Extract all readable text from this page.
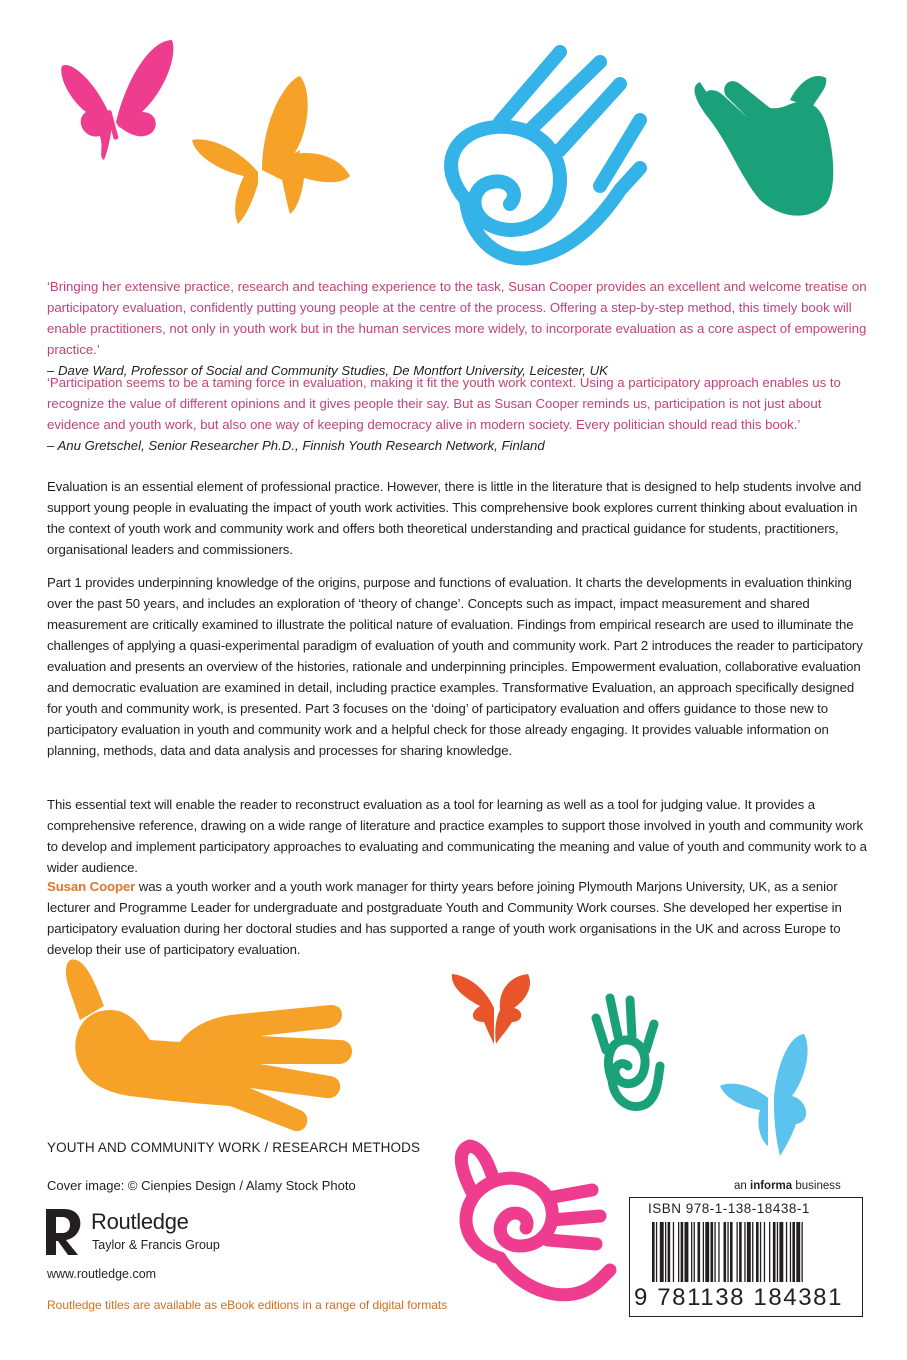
‘Bringing her extensive practice, research and teaching experience to the task, Susan Cooper provides an excellent and welcome treatise on participatory evaluation, confidently putting young people at the centre of the process. Offering a step-by-step method, this timely book will enable practitioners, not only in youth work but in the human services more widely, to incorporate evaluation as a core aspect of empowering practice.’
– Dave Ward, Professor of Social and Community Studies, De Montfort University, Leicester, UK
‘Participation seems to be a taming force in evaluation, making it fit the youth work context. Using a participatory approach enables us to recognize the value of different opinions and it gives people their say. But as Susan Cooper reminds us, participation is not just about evidence and youth work, but also one way of keeping democracy alive in modern society. Every politician should read this book.’
– Anu Gretschel, Senior Researcher Ph.D., Finnish Youth Research Network, Finland
Evaluation is an essential element of professional practice. However, there is little in the literature that is designed to help students involve and support young people in evaluating the impact of youth work activities. This comprehensive book explores current thinking about evaluation in the context of youth work and community work and offers both theoretical understanding and practical guidance for students, practitioners, organisational leaders and commissioners.
Part 1 provides underpinning knowledge of the origins, purpose and functions of evaluation. It charts the developments in evaluation thinking over the past 50 years, and includes an exploration of ‘theory of change’. Concepts such as impact, impact measurement and shared measurement are critically examined to illustrate the political nature of evaluation. Findings from empirical research are used to illuminate the challenges of applying a quasi-experimental paradigm of evaluation of youth and community work. Part 2 introduces the reader to participatory evaluation and presents an overview of the histories, rationale and underpinning principles. Empowerment evaluation, collaborative evaluation and democratic evaluation are examined in detail, including practice examples. Transformative Evaluation, an approach specifically designed for youth and community work, is presented. Part 3 focuses on the ‘doing’ of participatory evaluation and offers guidance to those new to participatory evaluation in youth and community work and a helpful check for those already engaging. It provides valuable information on planning, methods, data and data analysis and processes for sharing knowledge.
This essential text will enable the reader to reconstruct evaluation as a tool for learning as well as a tool for judging value. It provides a comprehensive reference, drawing on a wide range of literature and practice examples to support those involved in youth and community work to develop and implement participatory approaches to evaluating and communicating the meaning and value of youth and community work to a wider audience.
Susan Cooper was a youth worker and a youth work manager for thirty years before joining Plymouth Marjons University, UK, as a senior lecturer and Programme Leader for undergraduate and postgraduate Youth and Community Work courses. She developed her expertise in participatory evaluation during her doctoral studies and has supported a range of youth work organisations in the UK and across Europe to develop their use of participatory evaluation.
YOUTH AND COMMUNITY WORK / RESEARCH METHODS
Cover image: © Cienpies Design / Alamy Stock Photo
Routledge
Taylor & Francis Group
www.routledge.com
Routledge titles are available as eBook editions in a range of digital formats
an informa business
ISBN 978-1-138-18438-1
9 781138 184381
